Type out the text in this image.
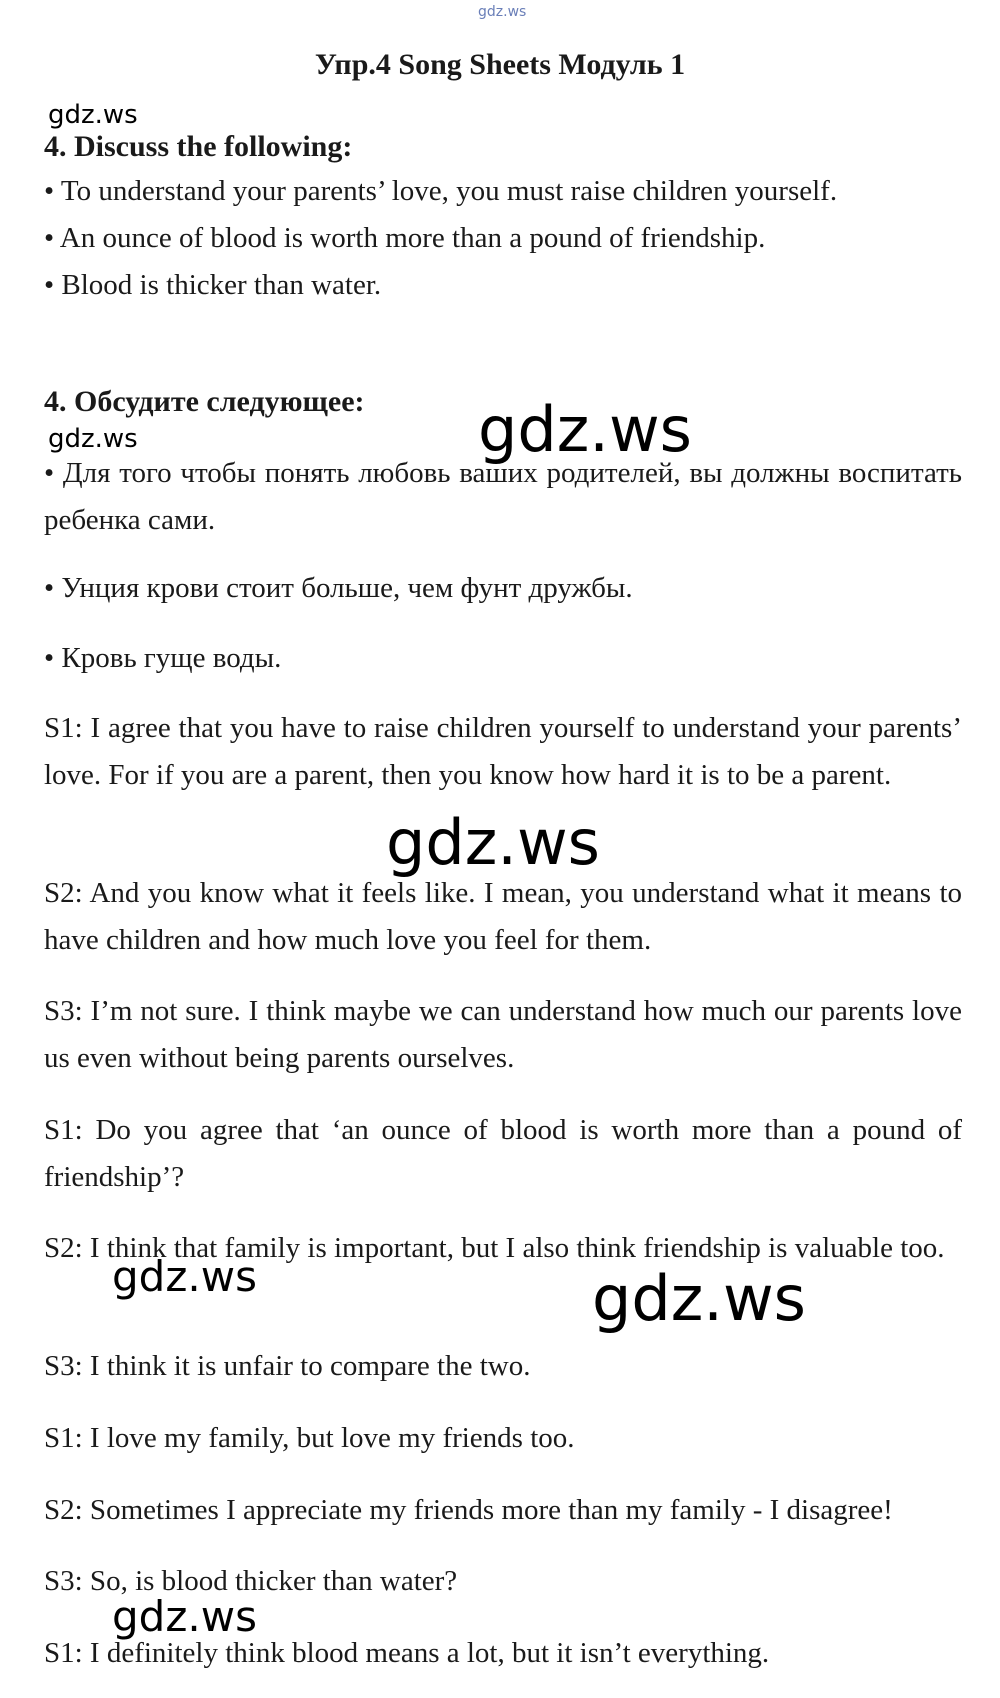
gdz.ws
Упр.4 Song Sheets Модуль 1
4. Discuss the following:
• To understand your parents’ love, you must raise children yourself.
• An ounce of blood is worth more than a pound of friendship.
• Blood is thicker than water.
4. Обсудите следующее:
• Для того чтобы понять любовь ваших родителей, вы должны воспитать ребенка сами.
• Унция крови стоит больше, чем фунт дружбы.
• Кровь гуще воды.
S1: I agree that you have to raise children yourself to understand your parents’ love. For if you are a parent, then you know how hard it is to be a parent.
S2: And you know what it feels like. I mean, you understand what it means to have children and how much love you feel for them.
S3: I’m not sure. I think maybe we can understand how much our parents love us even without being parents ourselves.
S1: Do you agree that ‘an ounce of blood is worth more than a pound of friendship’?
S2: I think that family is important, but I also think friendship is valuable too.
S3: I think it is unfair to compare the two.
S1: I love my family, but love my friends too.
S2: Sometimes I appreciate my friends more than my family - I disagree!
S3: So, is blood thicker than water?
S1: I definitely think blood means a lot, but it isn’t everything.
gdz.ws
gdz.ws
gdz.ws
gdz.ws
gdz.ws	gdz.ws
gdz.ws
